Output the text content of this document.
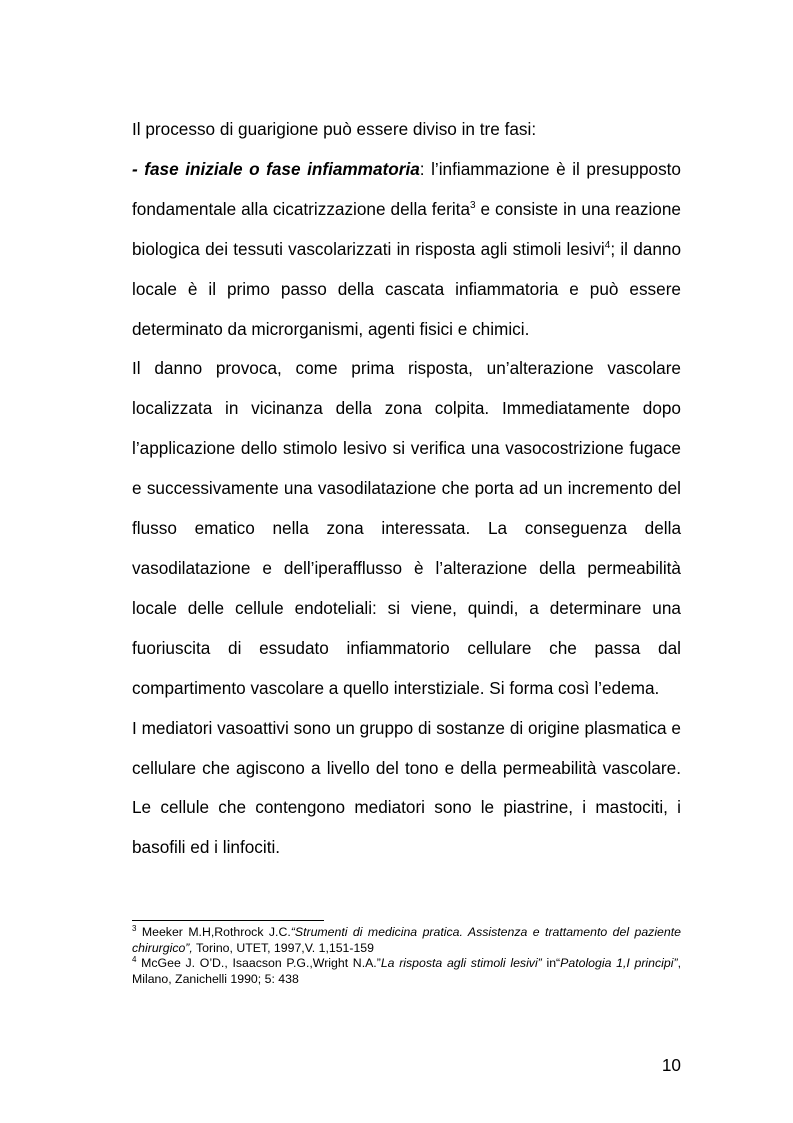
Il processo di guarigione può essere diviso in tre fasi:

- fase iniziale o fase infiammatoria: l’infiammazione è il presupposto fondamentale alla cicatrizzazione della ferita$^3$ e consiste in una reazione biologica dei tessuti vascolarizzati in risposta agli stimoli lesivi$^4$; il danno locale è il primo passo della cascata infiammatoria e può essere determinato da microrganismi, agenti fisici e chimici.

Il danno provoca, come prima risposta, un’alterazione vascolare localizzata in vicinanza della zona colpita. Immediatamente dopo l’applicazione dello stimolo lesivo si verifica una vasocostrizione fugace e successivamente una vasodilatazione che porta ad un incremento del flusso ematico nella zona interessata. La conseguenza della vasodilatazione e dell’iperafflusso è l’alterazione della permeabilità locale delle cellule endoteliali: si viene, quindi, a determinare una fuoriuscita di essudato infiammatorio cellulare che passa dal compartimento vascolare a quello interstiziale. Si forma così l’edema.

I mediatori vasoattivi sono un gruppo di sostanze di origine plasmatica e cellulare che agiscono a livello del tono e della permeabilità vascolare. Le cellule che contengono mediatori sono le piastrine, i mastociti, i basofili ed i linfociti.

$^3$ Meeker M.H,Rothrock J.C.“Strumenti di medicina pratica. Assistenza e trattamento del paziente chirurgico”, Torino, UTET, 1997,V. 1,151-159

$^4$ McGee J. O’D., Isaacson P.G.,Wright N.A.”La risposta agli stimoli lesivi” in“Patologia 1,I principi”, Milano, Zanichelli 1990; 5: 438

10
